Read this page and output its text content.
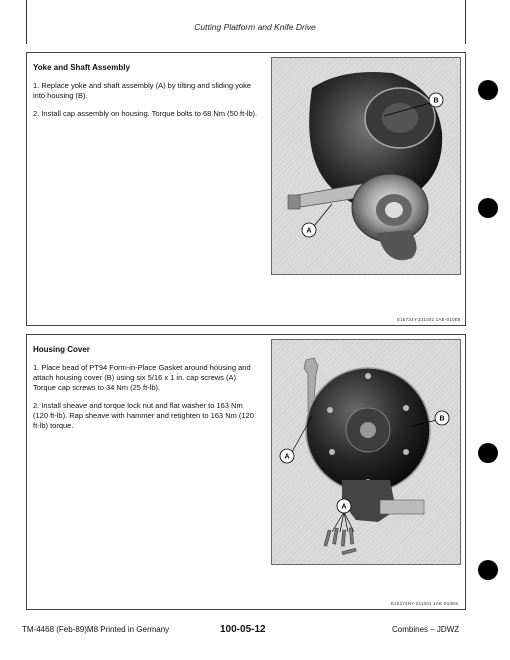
Cutting Platform and Knife Drive
Yoke and Shaft Assembly

1. Replace yoke and shaft assembly (A) by tilting and sliding yoke into housing (B).

2. Install cap assembly on housing. Torque bolts to 68 Nm (50 ft-lb).

B
A
E15734Y-Z11001 1AE-010E8
Housing Cover

1. Place bead of PT94 Form-in-Place Gasket around housing and attach housing cover (B) using six 5/16 x 1 in. cap screws (A). Torque cap screws to 34 Nm (25 ft-lb).

2. Install sheave and torque lock nut and flat washer to 163 Nm (120 ft-lb). Rap sheave with hammer and retighten to 163 Nm (120 ft-lb) torque.

A
B
A
E15174NY-Z11001 1AE-010E8
TM-4468 (Feb-89)M8 Printed in Germany	100-05-12	Combines – JDWZ
